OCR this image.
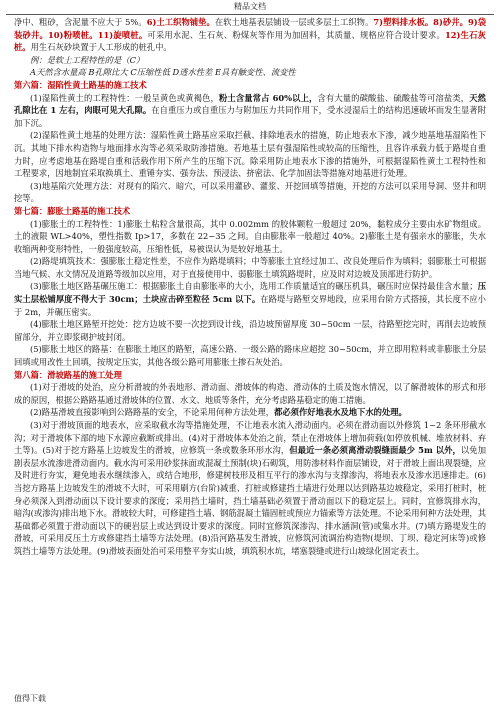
精品文档

净中、粗砂，含泥量不应大于 5%。6)土工织物铺垫。在软土地基表层铺设一层或多层土工织物。7)塑料排水板。8)砂井。9)袋装砂井。10)粉喷桩。11)旋喷桩。可采用水泥、生石灰、粉煤灰等作用为加固料，其质量、规格应符合设计要求。12)生石灰桩。用生石灰砂块置于人工形成的桩孔中。

例：是软土工程特性的是（C）

A天然含水量高 B孔隙比大 C压缩性低 D透水性差 E具有触变性、流变性

第六篇：湿陷性黄土路基的施工技术

(1)湿陷性黄土的工程特性：一般呈黄色或黄褐色，粉土含量常占 60%以上，含有大量的碳酸盐、硫酸盐等可溶盐类，天然孔隙比在 1 左右，肉眼可见大孔隙。在自重压力或自重压力与附加压力共同作用下，受水浸湿后土的结构迅速破坏而发生显著附加下沉。

(2)湿陷性黄土地基的处理方法：湿陷性黄土路基应采取拦截、排除地表水的措施，防止地表水下渗，减少地基地基湿陷性下沉。其地下排水构造物与地面排水沟等必须采取防渗措施。若地基土层有强湿陷性或较高的压缩性，且容许承载力低于路堤自重力时，应考虑地基在路堤自重和活载作用下所产生的压缩下沉。除采用防止地表水下渗的措施外，可根据湿陷性黄土工程特性和工程要求，因地制宜采取换填土、重锤夯实、强夯法、预浸法、挤密法、化学加固法等措施对地基进行处理。

(3)地基陷穴处理方法：对现有的陷穴、暗穴，可以采用灌砂、灌浆、开挖回填等措施，开挖的方法可以采用导洞、竖井和明挖等。

第七篇：膨胀土路基的施工技术

(1)膨胀土的工程特性：1)膨胀土粘粒含量很高，其中 0.002mm 的胶体颗粒一般超过 20%，黏粒成分主要由水矿物组成。土的液限 WL>40%，塑性指数 Ip>17，多数在 22~35 之间。自由膨胀率一般超过 40%。2)膨胀土是有强亲水的膨胀，失水收缩两种变形特性，一般强度较高，压缩性低，易被误认为是较好地基土。

(2)路堤填筑技术：强膨胀土稳定性差，不应作为路堤填料；中等膨胀土宜经过加工、改良处理后作为填料；弱膨胀土可根据当地气候、水文情况及道路等级加以应用，对于直接使用中、弱膨胀土填筑路堤时，应及时对边坡及顶部进行防护。

(3)膨胀土地区路基碾压施工：根据膨胀土自由膨胀率的大小，选用工作质量适宜的碾压机具，碾压时应保持最佳含水量；压实土层松铺厚度不得大于 30cm；土块应击碎至粒径 5cm 以下。在路堤与路堑交界地段，应采用台阶方式搭接，其长度不应小于 2m，并碾压密实。

(4)膨胀土地区路堑开挖处：挖方边坡不要一次挖到设计线，沿边坡预留厚度 30~50cm 一层，待路堑挖完时，再削去边坡预留部分，并立即浆砌护坡封闭。

(5)膨胀土地区的路基：在膨胀土地区的路堑，高速公路、一级公路的路床应超挖 30~50cm，并立即用粒料或非膨胀土分层回填或用改性土回填，按规定压实，其他各级公路可用膨胀土掺石灰处治。

第八篇：滑坡路基的施工处理

(1)对于滑坡的处治，应分析滑坡的外表地形、滑动面、滑坡体的构造、滑动体的土质及饱水情况，以了解滑坡体的形式和形成的原因，根据公路路基通过滑坡体的位置、水文、地质等条件，充分考虑路基稳定的施工措施。

(2)路基滑坡直接影响到公路路基的安全，不论采用何种方法处理，都必须作好地表水及地下水的处理。

(3)对于滑坡顶面的地表水，应采取截水沟等措施处理，不让地表水流入滑动面内。必须在滑动面以外修筑 1~2 条环形截水沟；对于滑坡体下部的地下水源应截断或排出。(4)对于滑坡体本处治之前，禁止在滑坡体上增加荷载(如停放机械、堆放材料、弃土等)。(5)对于挖方路基上边坡发生的滑坡，应修筑一条或数条环形水沟，但最近一条必须离滑动裂缝面最少 5m 以外，以免加剧表层水流渗进滑动面内。截水沟可采用砂浆抹面或混凝土预制(块)石砌筑，用防渗材料作面层铺设，对于滑坡上面出现裂缝，应及时进行夯实，避免地表水继续渗入，或结合地形，修建树枝形及相互平行的渗水沟与支撑渗沟，将地表水及渗水迅速排走。(6)当挖方路基上边坡发生的滑坡不大时，可采用刷方(台阶)减重、打桩或修建挡土墙进行处理以达到路基边坡稳定，采用打桩时，桩身必须深入到滑动面以下设计要求的深度；采用挡土墙时，挡土墙基础必须置于滑动面以下的稳定层上。同时，宜修筑排水沟，暗沟(或渗沟)排出地下水。滑坡较大时，可修建挡土墙、钢筋混凝土锚固桩或预应力锚索等方法处理。不论采用何种方法处理，其基础都必须置于滑动面以下的硬岩层上或达到设计要求的深度。同时宜修筑深渗沟、排水涵洞(管)或集水井。(7)填方路堤发生的滑坡，可采用反压土方或修建挡土墙等方法处理。(8)沿河路基发生滑坡，应修筑河流调治构造物(堤坝、丁坝、稳定河床等)或修筑挡土墙等方法处理。(9)滑坡表面处治可采用整平夯实山坡，填筑积水坑，堵塞裂缝或进行山坡绿化固定表土。

值得下载
